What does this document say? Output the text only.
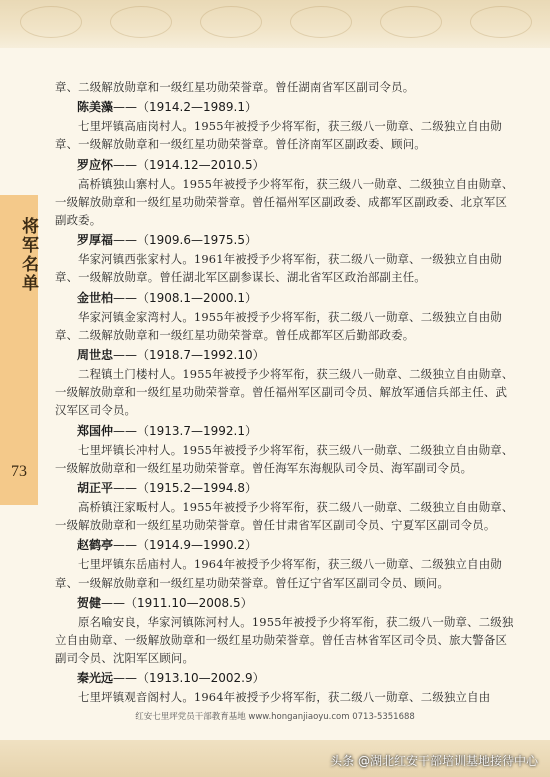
将军名单
73

章、二级解放勋章和一级红星功勋荣誉章。曾任湖南省军区副司令员。

陈美藻——（1914.2—1989.1）

七里坪镇高庙岗村人。1955年被授予少将军衔，获三级八一勋章、二级独立自由勋章、一级解放勋章和一级红星功勋荣誉章。曾任济南军区副政委、顾问。

罗应怀——（1914.12—2010.5）

高桥镇独山寨村人。1955年被授予少将军衔，获三级八一勋章、二级独立自由勋章、一级解放勋章和一级红星功勋荣誉章。曾任福州军区副政委、成都军区副政委、北京军区副政委。

罗厚福——（1909.6—1975.5）

华家河镇西张家村人。1961年被授予少将军衔，获二级八一勋章、一级独立自由勋章、一级解放勋章。曾任湖北军区副参谋长、湖北省军区政治部副主任。

金世柏——（1908.1—2000.1）

华家河镇金家湾村人。1955年被授予少将军衔，获二级八一勋章、二级独立自由勋章、二级解放勋章和一级红星功勋荣誉章。曾任成都军区后勤部政委。

周世忠——（1918.7—1992.10）

二程镇土门楼村人。1955年被授予少将军衔，获三级八一勋章、二级独立自由勋章、一级解放勋章和一级红星功勋荣誉章。曾任福州军区副司令员、解放军通信兵部主任、武汉军区司令员。

郑国仲——（1913.7—1992.1）

七里坪镇长冲村人。1955年被授予少将军衔，获三级八一勋章、二级独立自由勋章、一级解放勋章和一级红星功勋荣誉章。曾任海军东海舰队司令员、海军副司令员。

胡正平——（1915.2—1994.8）

高桥镇汪家畈村人。1955年被授予少将军衔，获二级八一勋章、二级独立自由勋章、一级解放勋章和一级红星功勋荣誉章。曾任甘肃省军区副司令员、宁夏军区副司令员。

赵鹤亭——（1914.9—1990.2）

七里坪镇东岳庙村人。1964年被授予少将军衔，获三级八一勋章、二级独立自由勋章、一级解放勋章和一级红星功勋荣誉章。曾任辽宁省军区副司令员、顾问。

贺健——（1911.10—2008.5）

原名喻安良，华家河镇陈河村人。1955年被授予少将军衔，获二级八一勋章、二级独立自由勋章、一级解放勋章和一级红星功勋荣誉章。曾任吉林省军区司令员、旅大警备区副司令员、沈阳军区顾问。

秦光远——（1913.10—2002.9）

七里坪镇观音阁村人。1964年被授予少将军衔，获二级八一勋章、二级独立自由

红安七里坪党员干部教育基地 www.honganjiaoyu.com 0713-5351688
头条 @湖北红安干部培训基地接待中心
